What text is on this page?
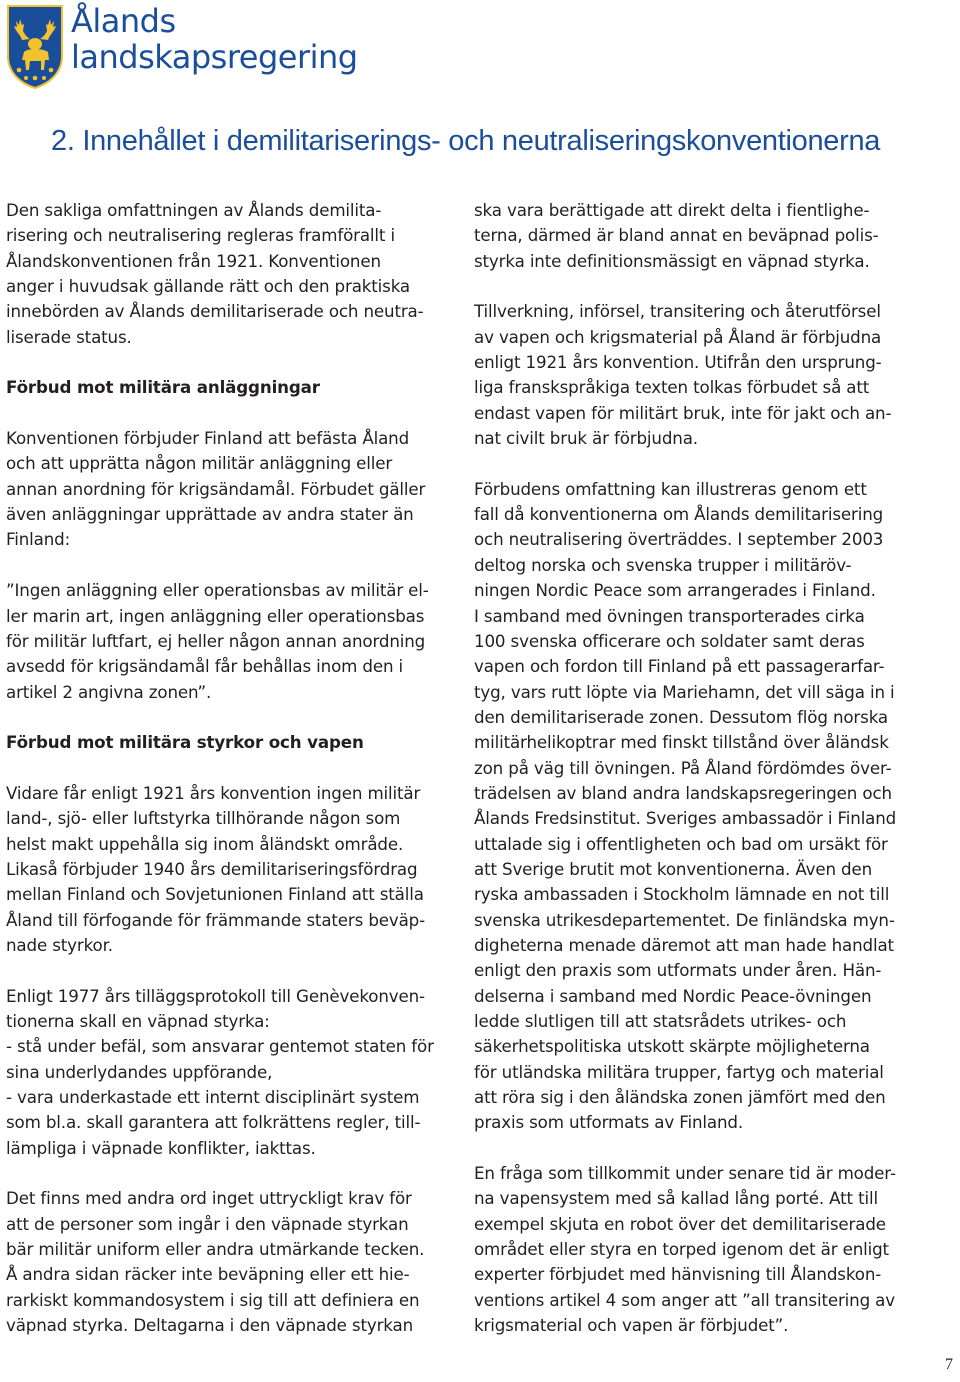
Ålands
landskapsregering
2. Innehållet i demilitariserings- och neutraliseringskonventionerna

Den sakliga omfattningen av Ålands demilita-
risering och neutralisering regleras framförallt i
Ålandskonventionen från 1921. Konventionen
anger i huvudsak gällande rätt och den praktiska
innebörden av Ålands demilitariserade och neutra-
liserade status.

Förbud mot militära anläggningar

Konventionen förbjuder Finland att befästa Åland
och att upprätta någon militär anläggning eller
annan anordning för krigsändamål. Förbudet gäller
även anläggningar upprättade av andra stater än
Finland:

”Ingen anläggning eller operationsbas av militär el-
ler marin art, ingen anläggning eller operationsbas
för militär luftfart, ej heller någon annan anordning
avsedd för krigsändamål får behållas inom den i
artikel 2 angivna zonen”.

Förbud mot militära styrkor och vapen

Vidare får enligt 1921 års konvention ingen militär
land-, sjö- eller luftstyrka tillhörande någon som
helst makt uppehålla sig inom åländskt område.
Likaså förbjuder 1940 års demilitariseringsfördrag
mellan Finland och Sovjetunionen Finland att ställa
Åland till förfogande för främmande staters beväp-
nade styrkor.

Enligt 1977 års tilläggsprotokoll till Genèvekonven-
tionerna skall en väpnad styrka:
- stå under befäl, som ansvarar gentemot staten för
sina underlydandes uppförande,
- vara underkastade ett internt disciplinärt system
som bl.a. skall garantera att folkrättens regler, till-
lämpliga i väpnade konflikter, iakttas.

Det finns med andra ord inget uttryckligt krav för
att de personer som ingår i den väpnade styrkan
bär militär uniform eller andra utmärkande tecken.
Å andra sidan räcker inte beväpning eller ett hie-
rarkiskt kommandosystem i sig till att definiera en
väpnad styrka. Deltagarna i den väpnade styrkan

ska vara berättigade att direkt delta i fientlighe-
terna, därmed är bland annat en beväpnad polis-
styrka inte definitionsmässigt en väpnad styrka.

Tillverkning, införsel, transitering och återutförsel
av vapen och krigsmaterial på Åland är förbjudna
enligt 1921 års konvention. Utifrån den ursprung-
liga franskspråkiga texten tolkas förbudet så att
endast vapen för militärt bruk, inte för jakt och an-
nat civilt bruk är förbjudna.

Förbudens omfattning kan illustreras genom ett
fall då konventionerna om Ålands demilitarisering
och neutralisering överträddes. I september 2003
deltog norska och svenska trupper i militäröv-
ningen Nordic Peace som arrangerades i Finland.
I samband med övningen transporterades cirka
100 svenska officerare och soldater samt deras
vapen och fordon till Finland på ett passagerarfar-
tyg, vars rutt löpte via Mariehamn, det vill säga in i
den demilitariserade zonen. Dessutom flög norska
militärhelikoptrar med finskt tillstånd över åländsk
zon på väg till övningen. På Åland fördömdes över-
trädelsen av bland andra landskapsregeringen och
Ålands Fredsinstitut. Sveriges ambassadör i Finland
uttalade sig i offentligheten och bad om ursäkt för
att Sverige brutit mot konventionerna. Även den
ryska ambassaden i Stockholm lämnade en not till
svenska utrikesdepartementet. De finländska myn-
digheterna menade däremot att man hade handlat
enligt den praxis som utformats under åren. Hän-
delserna i samband med Nordic Peace-övningen
ledde slutligen till att statsrådets utrikes- och
säkerhetspolitiska utskott skärpte möjligheterna
för utländska militära trupper, fartyg och material
att röra sig i den åländska zonen jämfört med den
praxis som utformats av Finland.

En fråga som tillkommit under senare tid är moder-
na vapensystem med så kallad lång porté. Att till
exempel skjuta en robot över det demilitariserade
området eller styra en torped igenom det är enligt
experter förbjudet med hänvisning till Ålandskon-
ventions artikel 4 som anger att ”all transitering av
krigsmaterial och vapen är förbjudet”.

7
